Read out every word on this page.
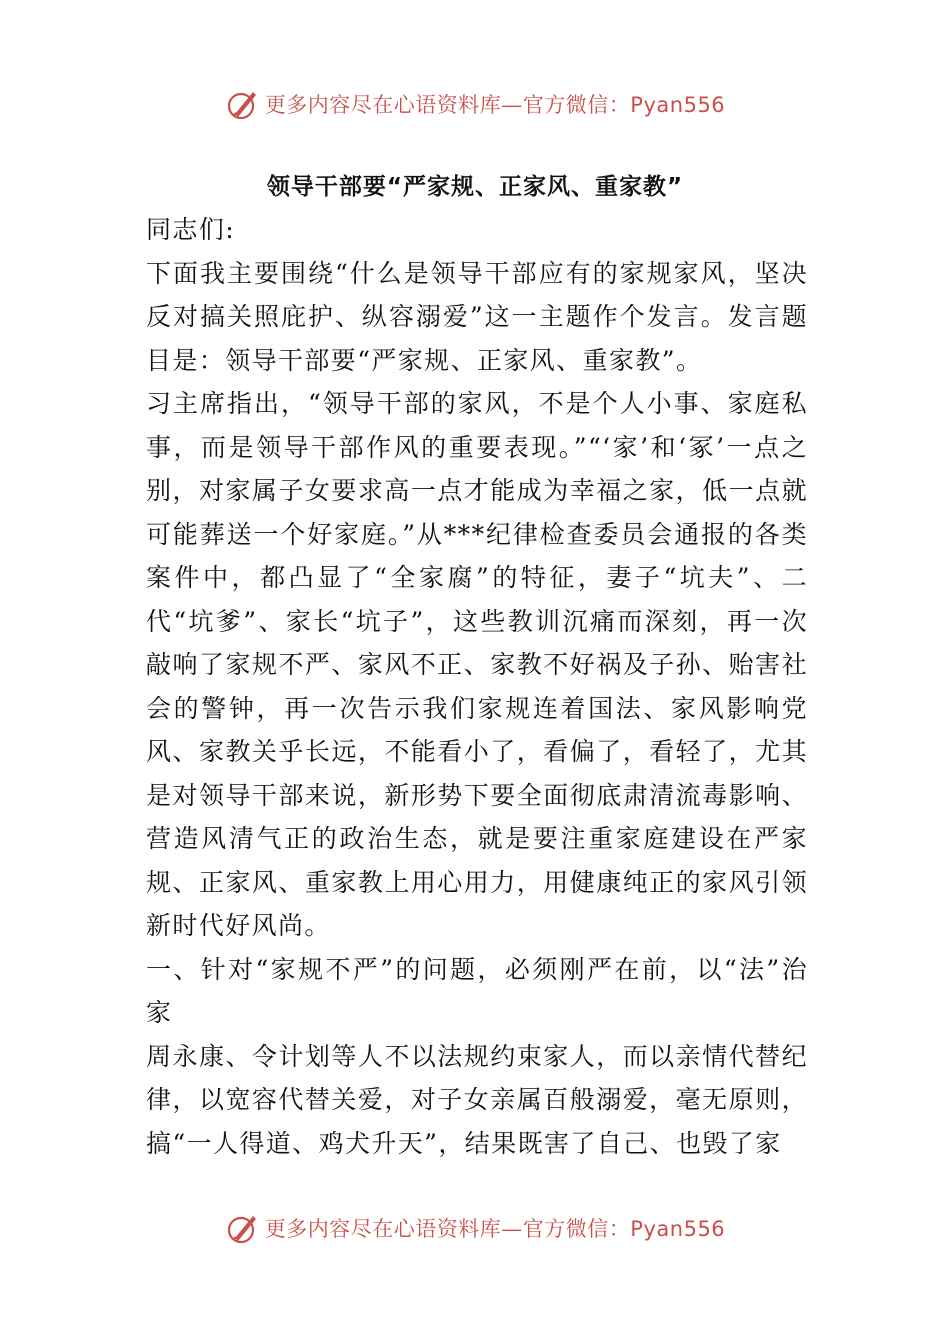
更多内容尽在心语资料库—官方微信：Pyan556
领导干部要“严家规、正家风、重家教”

同志们:

下面我主要围绕“什么是领导干部应有的家规家风，坚决反对搞关照庇护、纵容溺爱”这一主题作个发言。发言题目是：领导干部要“严家规、正家风、重家教”。

习主席指出，“领导干部的家风，不是个人小事、家庭私事，而是领导干部作风的重要表现。”“‘家’和‘冢’一点之别，对家属子女要求高一点才能成为幸福之家，低一点就可能葬送一个好家庭。”从***纪律检查委员会通报的各类案件中，都凸显了“全家腐”的特征，妻子“坑夫”、二代“坑爹”、家长“坑子”，这些教训沉痛而深刻，再一次敲响了家规不严、家风不正、家教不好祸及子孙、贻害社会的警钟，再一次告示我们家规连着国法、家风影响党风、家教关乎长远，不能看小了，看偏了，看轻了，尤其是对领导干部来说，新形势下要全面彻底肃清流毒影响、营造风清气正的政治生态，就是要注重家庭建设在严家规、正家风、重家教上用心用力，用健康纯正的家风引领新时代好风尚。

一、针对“家规不严”的问题，必须刚严在前，以“法”治家

周永康、令计划等人不以法规约束家人，而以亲情代替纪律，以宽容代替关爱，对子女亲属百般溺爱，毫无原则，搞“一人得道、鸡犬升天”，结果既害了自己、也毁了家

更多内容尽在心语资料库—官方微信：Pyan556
